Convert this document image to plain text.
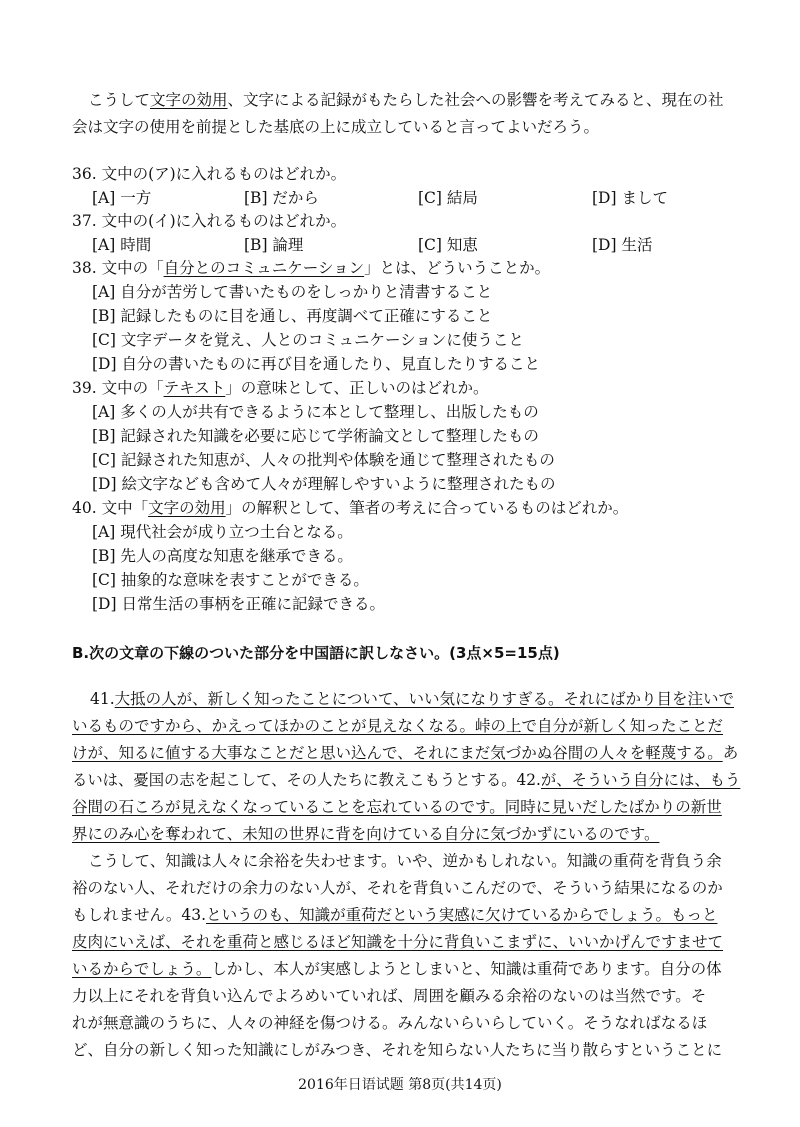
こうして文字の効用、文字による記録がもたらした社会への影響を考えてみると、現在の社
会は文字の使用を前提とした基底の上に成立していると言ってよいだろう。
36. 文中の(ア)に入れるものはどれか。
[A] 一方	[B] だから	[C] 結局	[D] まして
37. 文中の(イ)に入れるものはどれか。
[A] 時間	[B] 論理	[C] 知恵	[D] 生活
38. 文中の「自分とのコミュニケーション」とは、どういうことか。
[A] 自分が苦労して書いたものをしっかりと清書すること
[B] 記録したものに目を通し、再度調べて正確にすること
[C] 文字データを覚え、人とのコミュニケーションに使うこと
[D] 自分の書いたものに再び目を通したり、見直したりすること
39. 文中の「テキスト」の意味として、正しいのはどれか。
[A] 多くの人が共有できるように本として整理し、出版したもの
[B] 記録された知識を必要に応じて学術論文として整理したもの
[C] 記録された知恵が、人々の批判や体験を通じて整理されたもの
[D] 絵文字なども含めて人々が理解しやすいように整理されたもの
40. 文中「文字の効用」の解釈として、筆者の考えに合っているものはどれか。
[A] 現代社会が成り立つ土台となる。
[B] 先人の高度な知恵を継承できる。
[C] 抽象的な意味を表すことができる。
[D] 日常生活の事柄を正確に記録できる。
B.次の文章の下線のついた部分を中国語に訳しなさい。(3点×5=15点)
41.大抵の人が、新しく知ったことについて、いい気になりすぎる。それにばかり目を注いで
いるものですから、かえってほかのことが見えなくなる。峠の上で自分が新しく知ったことだ
けが、知るに値する大事なことだと思い込んで、それにまだ気づかぬ谷間の人々を軽蔑する。あ
るいは、憂国の志を起こして、その人たちに教えこもうとする。42.が、そういう自分には、もう
谷間の石ころが見えなくなっていることを忘れているのです。同時に見いだしたばかりの新世
界にのみ心を奪われて、未知の世界に背を向けている自分に気づかずにいるのです。
こうして、知識は人々に余裕を失わせます。いや、逆かもしれない。知識の重荷を背負う余
裕のない人、それだけの余力のない人が、それを背負いこんだので、そういう結果になるのか
もしれません。43.というのも、知識が重荷だという実感に欠けているからでしょう。もっと
皮肉にいえば、それを重荷と感じるほど知識を十分に背負いこまずに、いいかげんですませて
いるからでしょう。しかし、本人が実感しようとしまいと、知識は重荷であります。自分の体
力以上にそれを背負い込んでよろめいていれば、周囲を顧みる余裕のないのは当然です。そ
れが無意識のうちに、人々の神経を傷つける。みんないらいらしていく。そうなればなるほ
ど、自分の新しく知った知識にしがみつき、それを知らない人たちに当り散らすということに
2016年日语试题 第8页(共14页)
